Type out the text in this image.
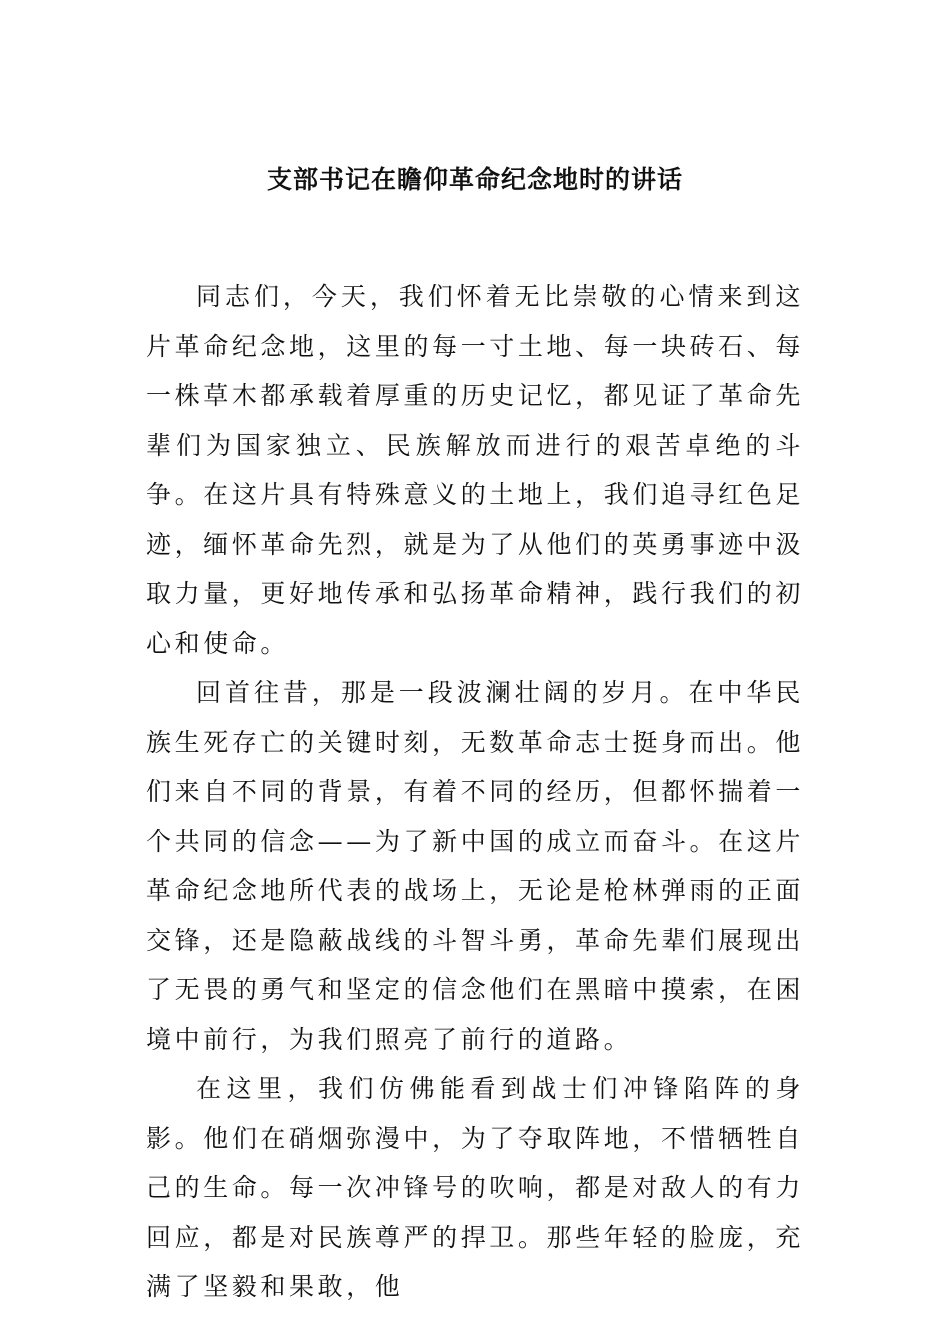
支部书记在瞻仰革命纪念地时的讲话

同志们，今天，我们怀着无比崇敬的心情来到这片革命纪念地，这里的每一寸土地、每一块砖石、每一株草木都承载着厚重的历史记忆，都见证了革命先辈们为国家独立、民族解放而进行的艰苦卓绝的斗争。在这片具有特殊意义的土地上，我们追寻红色足迹，缅怀革命先烈，就是为了从他们的英勇事迹中汲取力量，更好地传承和弘扬革命精神，践行我们的初心和使命。

回首往昔，那是一段波澜壮阔的岁月。在中华民族生死存亡的关键时刻，无数革命志士挺身而出。他们来自不同的背景，有着不同的经历，但都怀揣着一个共同的信念——为了新中国的成立而奋斗。在这片革命纪念地所代表的战场上，无论是枪林弹雨的正面交锋，还是隐蔽战线的斗智斗勇，革命先辈们展现出了无畏的勇气和坚定的信念他们在黑暗中摸索，在困境中前行，为我们照亮了前行的道路。

在这里，我们仿佛能看到战士们冲锋陷阵的身影。他们在硝烟弥漫中，为了夺取阵地，不惜牺牲自己的生命。每一次冲锋号的吹响，都是对敌人的有力回应，都是对民族尊严的捍卫。那些年轻的脸庞，充满了坚毅和果敢，他
